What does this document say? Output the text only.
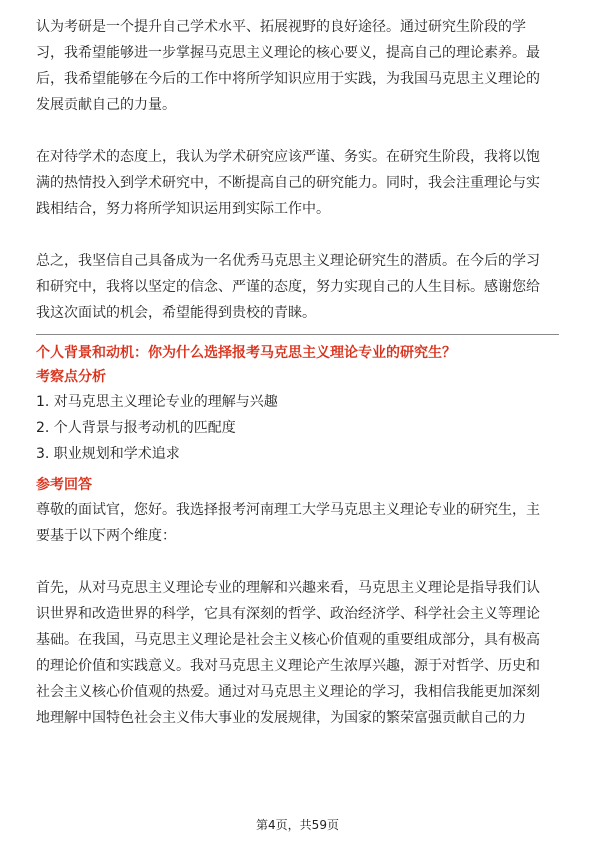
认为考研是一个提升自己学术水平、拓展视野的良好途径。通过研究生阶段的学
习，我希望能够进一步掌握马克思主义理论的核心要义，提高自己的理论素养。最
后，我希望能够在今后的工作中将所学知识应用于实践，为我国马克思主义理论的
发展贡献自己的力量。

在对待学术的态度上，我认为学术研究应该严谨、务实。在研究生阶段，我将以饱
满的热情投入到学术研究中，不断提高自己的研究能力。同时，我会注重理论与实
践相结合，努力将所学知识运用到实际工作中。

总之，我坚信自己具备成为一名优秀马克思主义理论研究生的潜质。在今后的学习
和研究中，我将以坚定的信念、严谨的态度，努力实现自己的人生目标。感谢您给
我这次面试的机会，希望能得到贵校的青睐。

个人背景和动机：你为什么选择报考马克思主义理论专业的研究生？

考察点分析

1. 对马克思主义理论专业的理解与兴趣

2. 个人背景与报考动机的匹配度

3. 职业规划和学术追求

参考回答

尊敬的面试官，您好。我选择报考河南理工大学马克思主义理论专业的研究生，主
要基于以下两个维度：

首先，从对马克思主义理论专业的理解和兴趣来看，马克思主义理论是指导我们认
识世界和改造世界的科学，它具有深刻的哲学、政治经济学、科学社会主义等理论
基础。在我国，马克思主义理论是社会主义核心价值观的重要组成部分，具有极高
的理论价值和实践意义。我对马克思主义理论产生浓厚兴趣，源于对哲学、历史和
社会主义核心价值观的热爱。通过对马克思主义理论的学习，我相信我能更加深刻
地理解中国特色社会主义伟大事业的发展规律，为国家的繁荣富强贡献自己的力

第4页，共59页
